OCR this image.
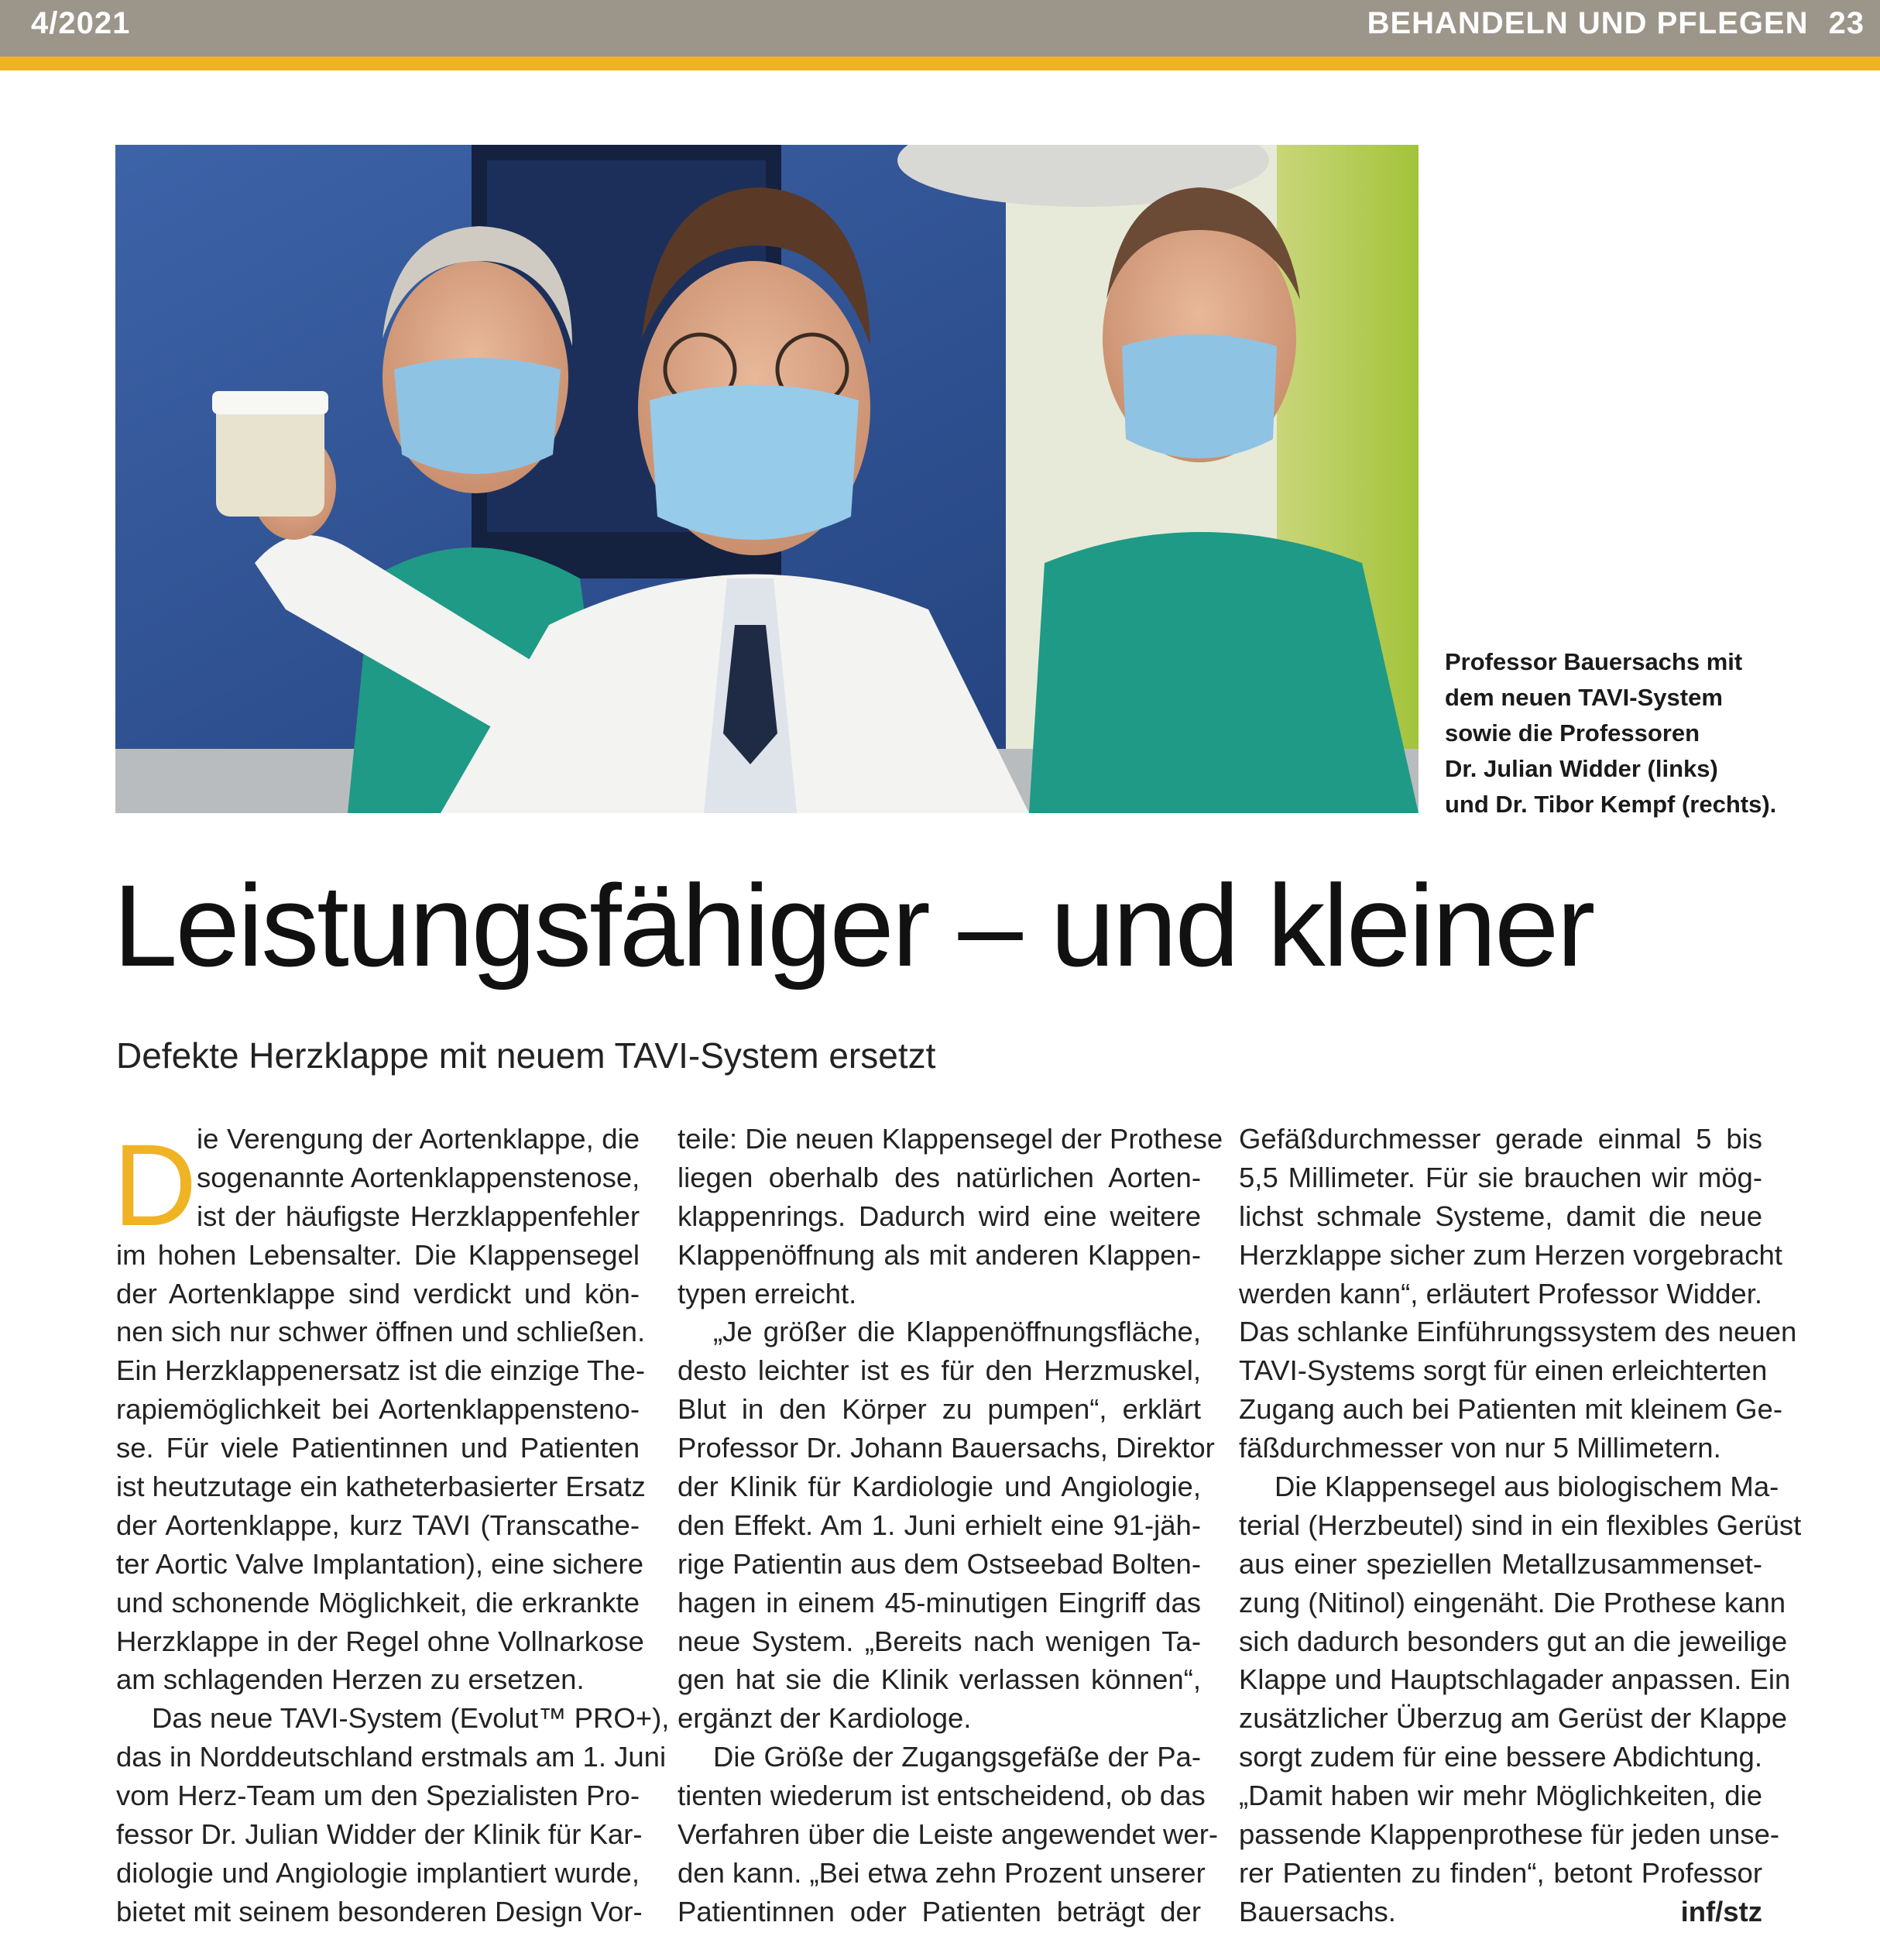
4/2021	BEHANDELN UND PFLEGEN 23
Professor Bauersachs mit
dem neuen TAVI-System
sowie die Professoren
Dr. Julian Widder (links)
und Dr. Tibor Kempf (rechts).
Leistungsfähiger – und kleiner
Defekte Herzklappe mit neuem TAVI-System ersetzt
D ie Verengung der Aortenklappe, die
sogenannte Aortenklappenstenose,
ist der häufigste Herzklappenfehler
im hohen Lebensalter. Die Klappensegel
der Aortenklappe sind verdickt und kön-
nen sich nur schwer öffnen und schließen.
Ein Herzklappenersatz ist die einzige The-
rapiemöglichkeit bei Aortenklappensteno-
se. Für viele Patientinnen und Patienten
ist heutzutage ein katheterbasierter Ersatz
der Aortenklappe, kurz TAVI (Transcathe-
ter Aortic Valve Implantation), eine sichere
und schonende Möglichkeit, die erkrankte
Herzklappe in der Regel ohne Vollnarkose
am schlagenden Herzen zu ersetzen.
Das neue TAVI-System (Evolut™ PRO+),
das in Norddeutschland erstmals am 1. Juni
vom Herz-Team um den Spezialisten Pro-
fessor Dr. Julian Widder der Klinik für Kar-
diologie und Angiologie implantiert wurde,
bietet mit seinem besonderen Design Vor-
teile: Die neuen Klappensegel der Prothese
liegen oberhalb des natürlichen Aorten-
klappenrings. Dadurch wird eine weitere
Klappenöffnung als mit anderen Klappen-
typen erreicht.
„Je größer die Klappenöffnungsfläche,
desto leichter ist es für den Herzmuskel,
Blut in den Körper zu pumpen“, erklärt
Professor Dr. Johann Bauersachs, Direktor
der Klinik für Kardiologie und Angiologie,
den Effekt. Am 1. Juni erhielt eine 91-jäh-
rige Patientin aus dem Ostseebad Bolten-
hagen in einem 45-minutigen Eingriff das
neue System. „Bereits nach wenigen Ta-
gen hat sie die Klinik verlassen können“,
ergänzt der Kardiologe.
Die Größe der Zugangsgefäße der Pa-
tienten wiederum ist entscheidend, ob das
Verfahren über die Leiste angewendet wer-
den kann. „Bei etwa zehn Prozent unserer
Patientinnen oder Patienten beträgt der
Gefäßdurchmesser gerade einmal 5 bis
5,5 Millimeter. Für sie brauchen wir mög-
lichst schmale Systeme, damit die neue
Herzklappe sicher zum Herzen vorgebracht
werden kann“, erläutert Professor Widder.
Das schlanke Einführungssystem des neuen
TAVI-Systems sorgt für einen erleichterten
Zugang auch bei Patienten mit kleinem Ge-
fäßdurchmesser von nur 5 Millimetern.
Die Klappensegel aus biologischem Ma-
terial (Herzbeutel) sind in ein flexibles Gerüst
aus einer speziellen Metallzusammenset-
zung (Nitinol) eingenäht. Die Prothese kann
sich dadurch besonders gut an die jeweilige
Klappe und Hauptschlagader anpassen. Ein
zusätzlicher Überzug am Gerüst der Klappe
sorgt zudem für eine bessere Abdichtung.
„Damit haben wir mehr Möglichkeiten, die
passende Klappenprothese für jeden unse-
rer Patienten zu finden“, betont Professor
Bauersachs.	inf/stz
